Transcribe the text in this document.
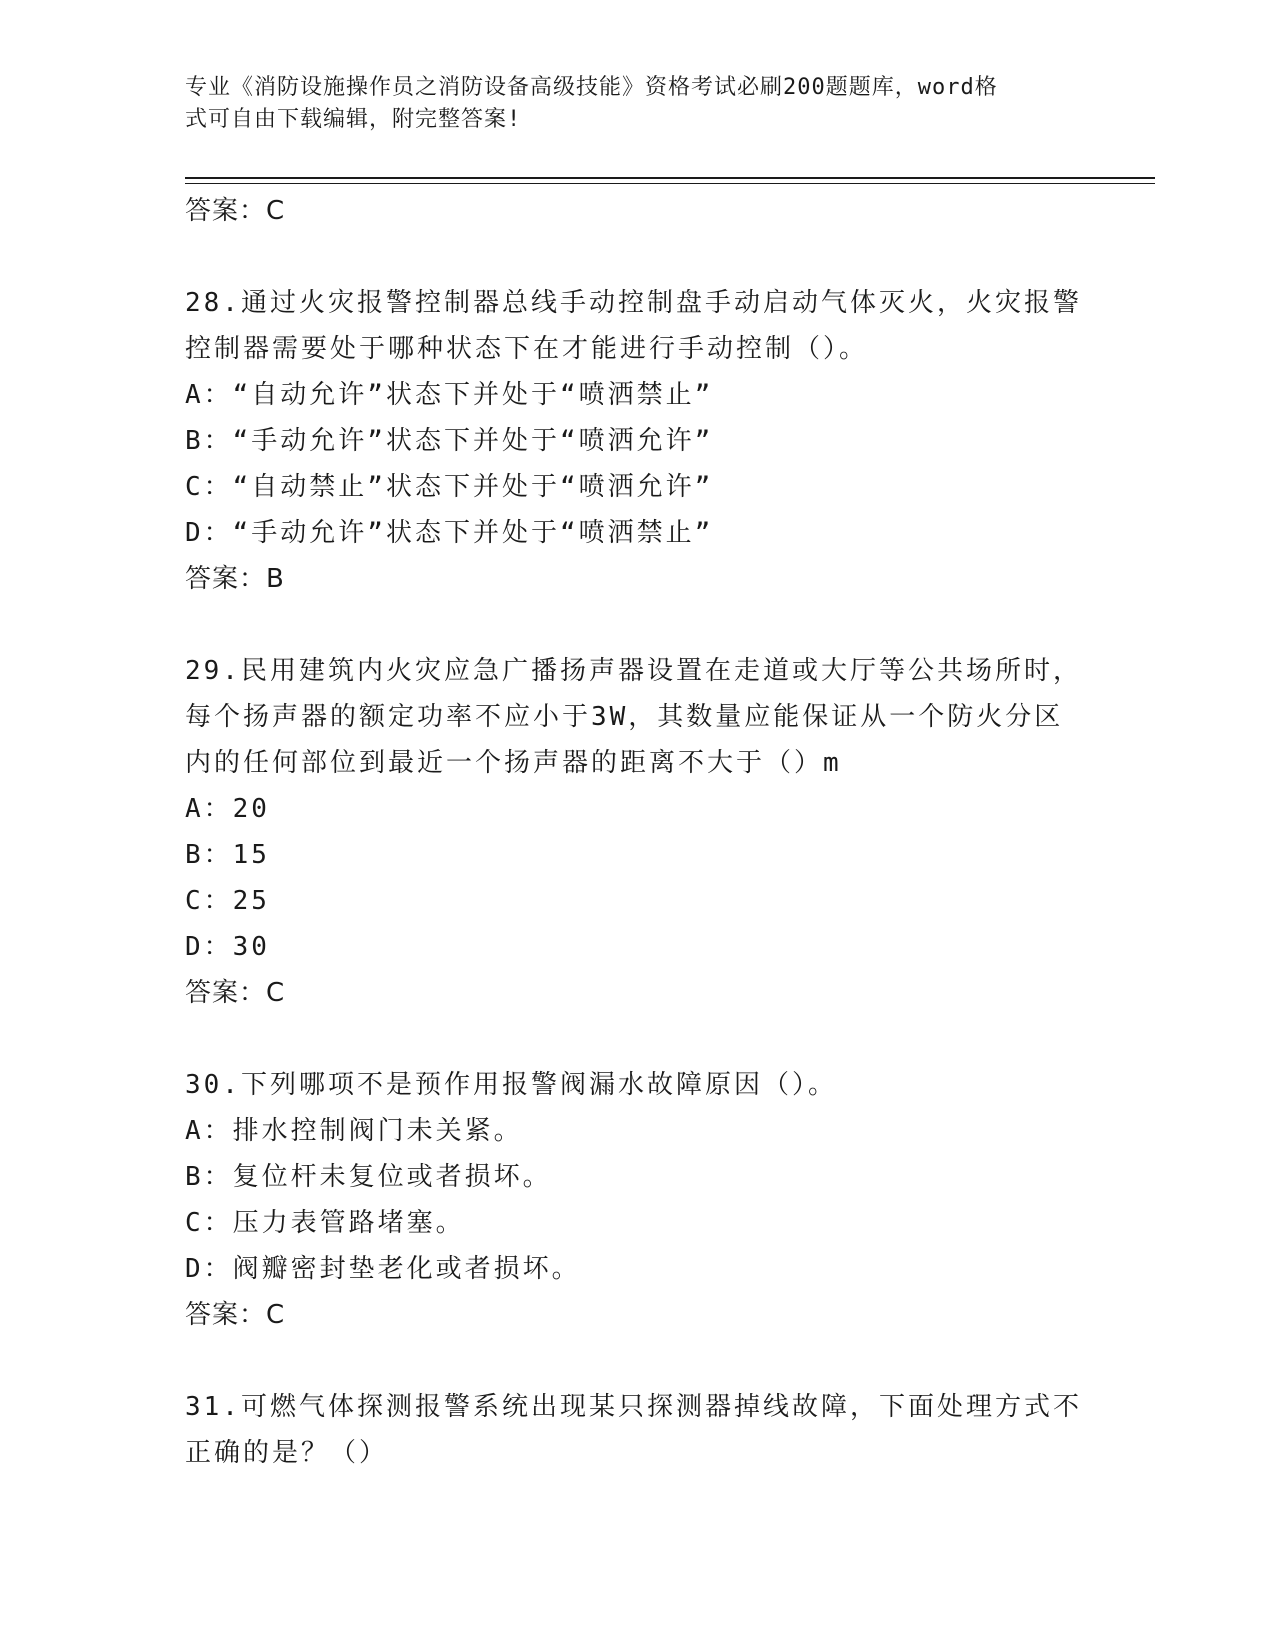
专业《消防设施操作员之消防设备高级技能》资格考试必刷200题题库，word格
式可自由下载编辑，附完整答案!
答案：C
28.通过火灾报警控制器总线手动控制盘手动启动气体灭火，火灾报警
控制器需要处于哪种状态下在才能进行手动控制（）。
A：“自动允许”状态下并处于“喷洒禁止”
B：“手动允许”状态下并处于“喷洒允许”
C：“自动禁止”状态下并处于“喷洒允许”
D：“手动允许”状态下并处于“喷洒禁止”
答案：B
29.民用建筑内火灾应急广播扬声器设置在走道或大厅等公共场所时，
每个扬声器的额定功率不应小于3W，其数量应能保证从一个防火分区
内的任何部位到最近一个扬声器的距离不大于（）m
A：20
B：15
C：25
D：30
答案：C
30.下列哪项不是预作用报警阀漏水故障原因（）。
A：排水控制阀门未关紧。
B：复位杆未复位或者损坏。
C：压力表管路堵塞。
D：阀瓣密封垫老化或者损坏。
答案：C
31.可燃气体探测报警系统出现某只探测器掉线故障，下面处理方式不
正确的是？（）
